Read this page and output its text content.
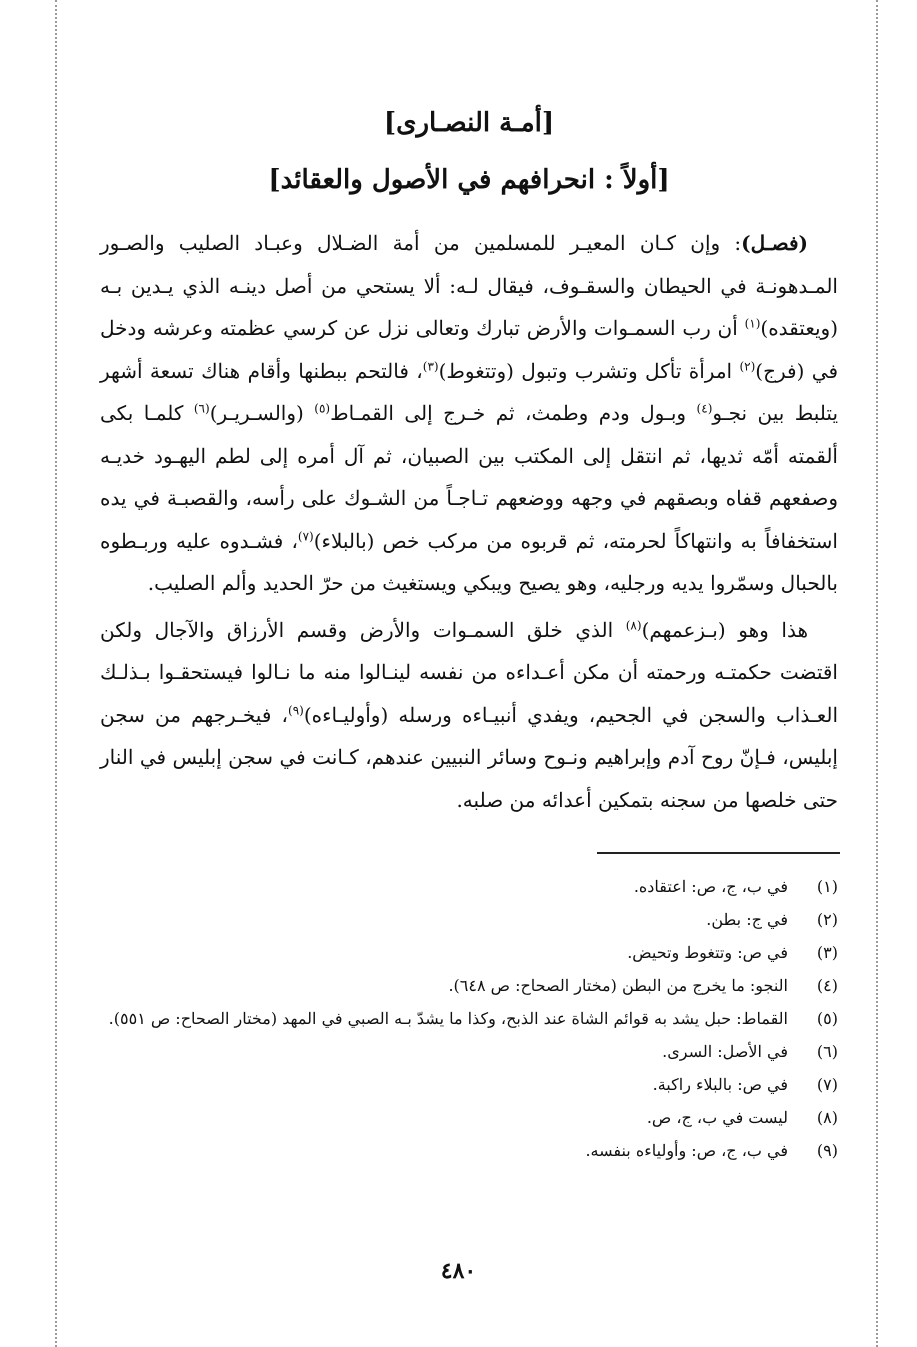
[أمـة النصـارى]
[أولاً : انحرافهم في الأصول والعقائد]

(فصـل): وإن كـان المعيـر للمسلمين من أمة الضـلال وعبـاد الصليب والصـور المـدهونـة في الحيطان والسقـوف، فيقال لـه: ألا يستحي من أصل دينـه الذي يـدين بـه (ويعتقده)$^{(١)}$ أن رب السمـوات والأرض تبارك وتعالى نزل عن كرسي عظمته وعرشه ودخل في (فرج)$^{(٢)}$ امرأة تأكل وتشرب وتبول (وتتغوط)$^{(٣)}$، فالتحم ببطنها وأقام هناك تسعة أشهر يتلبط بين نجـو$^{(٤)}$ وبـول ودم وطمث، ثم خـرج إلى القمـاط$^{(٥)}$ (والسـريـر)$^{(٦)}$ كلمـا بكى ألقمته أمّه ثديها، ثم انتقل إلى المكتب بين الصبيان، ثم آل أمره إلى لطم اليهـود خديـه وصفعهم قفاه وبصقهم في وجهه ووضعهم تـاجـاً من الشـوك على رأسه، والقصبـة في يده استخفافاً به وانتهاكاً لحرمته، ثم قربوه من مركب خص (بالبلاء)$^{(٧)}$، فشـدوه عليه وربـطوه بالحبال وسمّروا يديه ورجليه، وهو يصيح ويبكي ويستغيث من حرّ الحديد وألم الصليب.

هذا وهو (بـزعمهم)$^{(٨)}$ الذي خلق السمـوات والأرض وقسم الأرزاق والآجال ولكن اقتضت حكمتـه ورحمته أن مكن أعـداءه من نفسه لينـالوا منه ما نـالوا فيستحقـوا بـذلـك العـذاب والسجن في الجحيم، ويفدي أنبيـاءه ورسله (وأوليـاءه)$^{(٩)}$، فيخـرجهم من سجن إبليس، فـإنّ روح آدم وإبراهيم ونـوح وسائر النبيين عندهم، كـانت في سجن إبليس في النار حتى خلصها من سجنه بتمكين أعدائه من صلبه.

(١)
في ب، ج، ص: اعتقاده.
(٢)
في ج: بطن.
(٣)
في ص: وتتغوط وتحيض.
(٤)
النجو: ما يخرج من البطن (مختار الصحاح: ص ٦٤٨).
(٥)
القماط: حبل يشد به قوائم الشاة عند الذبح، وكذا ما يشدّ بـه الصبي في المهد (مختار الصحاح: ص ٥٥١).
(٦)
في الأصل: السرى.
(٧)
في ص: بالبلاء راكبة.
(٨)
ليست في ب، ج، ص.
(٩)
في ب، ج، ص: وأولياءه بنفسه.
٤٨٠
